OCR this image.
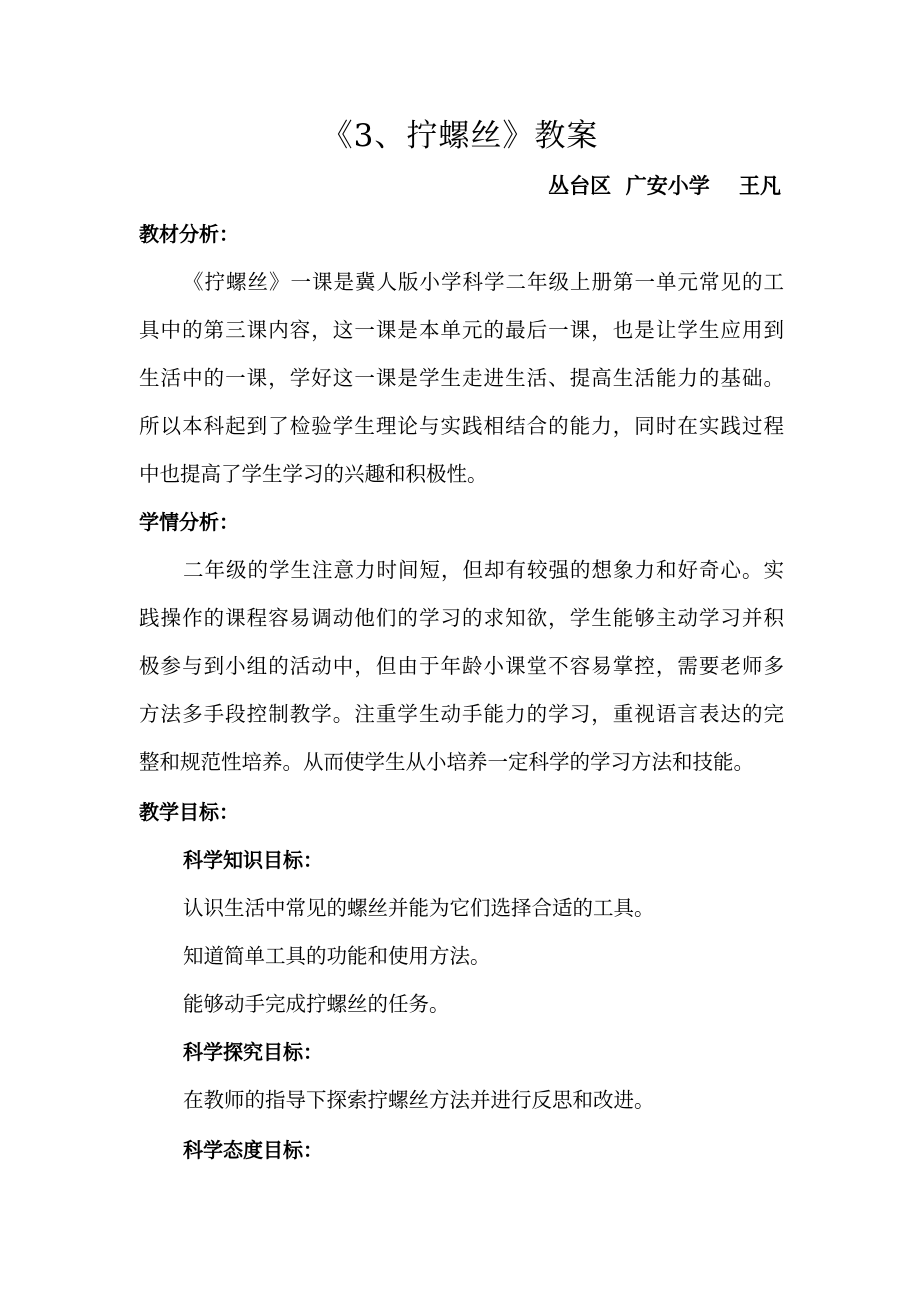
《3、拧螺丝》教案
丛台区  广安小学    王凡
教材分析：
《拧螺丝》一课是冀人版小学科学二年级上册第一单元常见的工
具中的第三课内容，这一课是本单元的最后一课，也是让学生应用到
生活中的一课，学好这一课是学生走进生活、提高生活能力的基础。
所以本科起到了检验学生理论与实践相结合的能力，同时在实践过程
中也提高了学生学习的兴趣和积极性。
学情分析：
二年级的学生注意力时间短，但却有较强的想象力和好奇心。实
践操作的课程容易调动他们的学习的求知欲，学生能够主动学习并积
极参与到小组的活动中，但由于年龄小课堂不容易掌控，需要老师多
方法多手段控制教学。注重学生动手能力的学习，重视语言表达的完
整和规范性培养。从而使学生从小培养一定科学的学习方法和技能。
教学目标：
科学知识目标：
认识生活中常见的螺丝并能为它们选择合适的工具。
知道简单工具的功能和使用方法。
能够动手完成拧螺丝的任务。
科学探究目标：
在教师的指导下探索拧螺丝方法并进行反思和改进。
科学态度目标：
